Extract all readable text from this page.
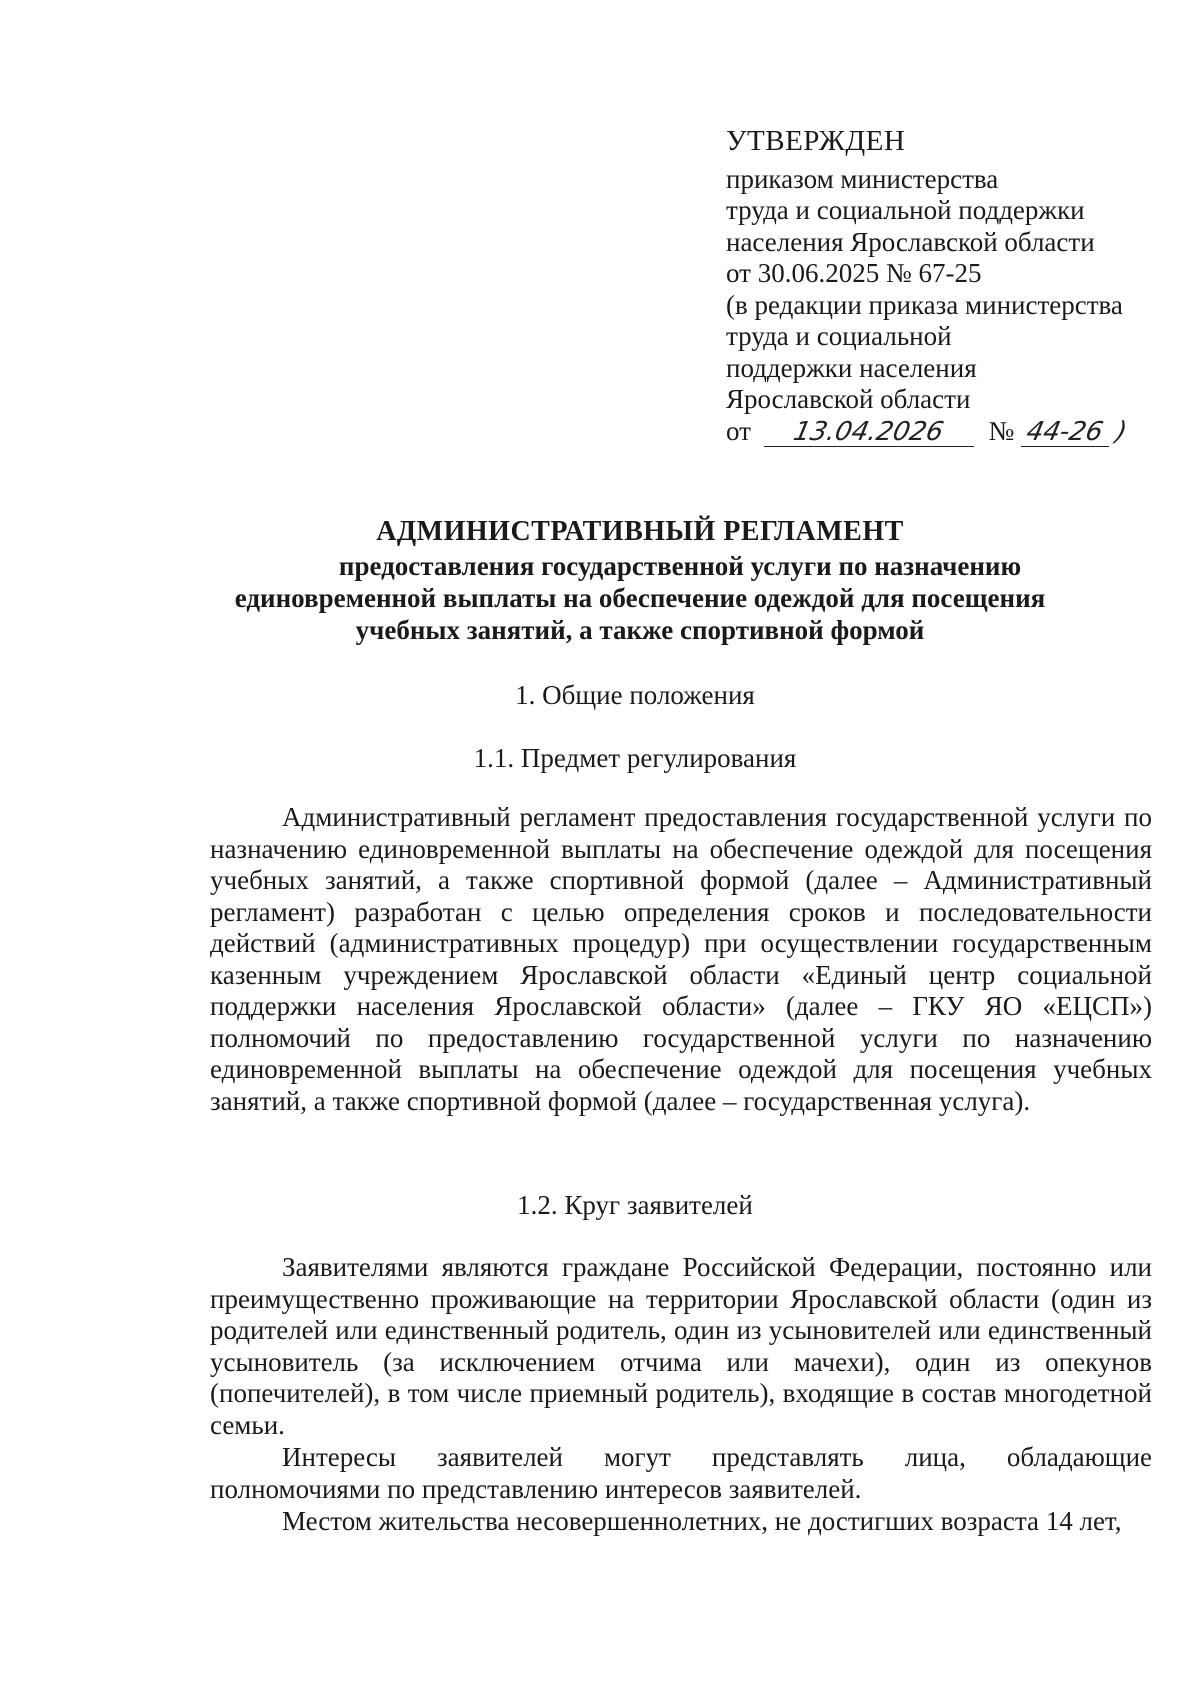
УТВЕРЖДЕН
приказом министерства
труда и социальной поддержки
населения Ярославской области
от 30.06.2025 № 67-25
(в редакции приказа министерства
труда и социальной
поддержки населения
Ярославской области
от 13.04.2026 № 44-26 )
АДМИНИСТРАТИВНЫЙ РЕГЛАМЕНТ
предоставления государственной услуги по назначению
единовременной выплаты на обеспечение одеждой для посещения
учебных занятий, а также спортивной формой
1. Общие положения
1.1. Предмет регулирования

Административный регламент предоставления государственной услуги по назначению единовременной выплаты на обеспечение одеждой для посещения учебных занятий, а также спортивной формой (далее – Административный регламент) разработан с целью определения сроков и последовательности действий (административных процедур) при осуществлении государственным казенным учреждением Ярославской области «Единый центр социальной поддержки населения Ярославской области» (далее – ГКУ ЯО «ЕЦСП») полномочий по предоставлению государственной услуги по назначению единовременной выплаты на обеспечение одеждой для посещения учебных занятий, а также спортивной формой (далее – государственная услуга).

1.2. Круг заявителей

Заявителями являются граждане Российской Федерации, постоянно или преимущественно проживающие на территории Ярославской области (один из родителей или единственный родитель, один из усыновителей или единственный усыновитель (за исключением отчима или мачехи), один из опекунов (попечителей), в том числе приемный родитель), входящие в состав многодетной семьи.

Интересы заявителей могут представлять лица, обладающие полномочиями по представлению интересов заявителей.

Местом жительства несовершеннолетних, не достигших возраста 14 лет,
